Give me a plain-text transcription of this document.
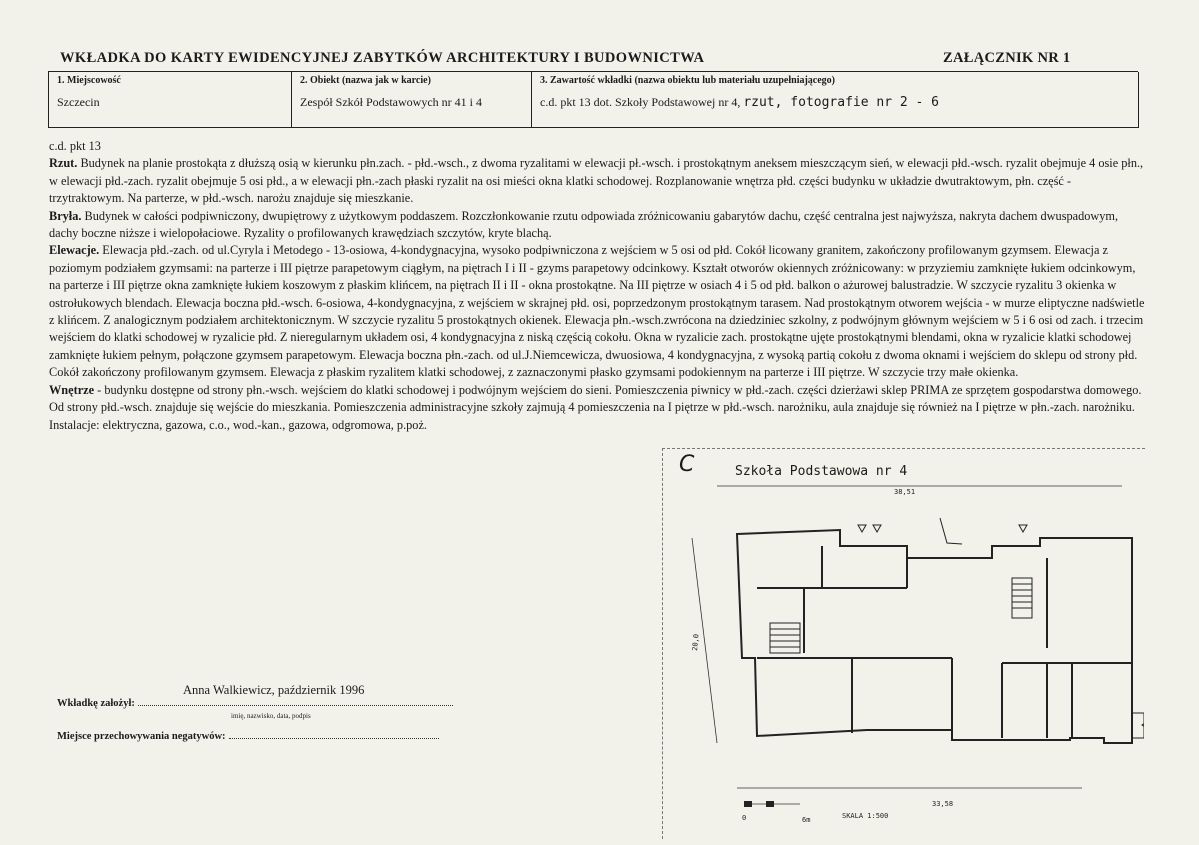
WKŁADKA DO KARTY EWIDENCYJNEJ ZABYTKÓW ARCHITEKTURY I BUDOWNICTWA	ZAŁĄCZNIK NR 1
1. Miejscowość
Szczecin
2. Obiekt (nazwa jak w karcie)
Zespół Szkół Podstawowych nr 41 i 4
3. Zawartość wkładki (nazwa obiektu lub materiału uzupełniającego)
c.d. pkt 13 dot. Szkoły Podstawowej nr 4, rzut, fotografie nr 2 - 6

c.d. pkt 13

Rzut. Budynek na planie prostokąta z dłuższą osią w kierunku płn.zach. - płd.-wsch., z dwoma ryzalitami w elewacji pł.-wsch. i prostokątnym aneksem mieszczącym sień, w elewacji płd.-wsch. ryzalit obejmuje 4 osie płn., w elewacji płd.-zach. ryzalit obejmuje 5 osi płd., a w elewacji płn.-zach płaski ryzalit na osi mieści okna klatki schodowej. Rozplanowanie wnętrza płd. części budynku w układzie dwutraktowym, płn. część - trzytraktowym. Na parterze, w płd.-wsch. narożu znajduje się mieszkanie.

Bryła. Budynek w całości podpiwniczony, dwupiętrowy z użytkowym poddaszem. Rozczłonkowanie rzutu odpowiada zróżnicowaniu gabarytów dachu, część centralna jest najwyższa, nakryta dachem dwuspadowym, dachy boczne niższe i wielopołaciowe. Ryzality o profilowanych krawędziach szczytów, kryte blachą.

Elewacje. Elewacja płd.-zach. od ul.Cyryla i Metodego - 13-osiowa, 4-kondygnacyjna, wysoko podpiwniczona z wejściem w 5 osi od płd. Cokół licowany granitem, zakończony profilowanym gzymsem. Elewacja z poziomym podziałem gzymsami: na parterze i III piętrze parapetowym ciągłym, na piętrach I i II - gzyms parapetowy odcinkowy. Kształt otworów okiennych zróżnicowany: w przyziemiu zamknięte łukiem odcinkowym, na parterze i III piętrze okna zamknięte łukiem koszowym z płaskim klińcem, na piętrach II i II - okna prostokątne. Na III piętrze w osiach 4 i 5 od płd. balkon o ażurowej balustradzie. W szczycie ryzalitu 3 okienka w ostrołukowych blendach. Elewacja boczna płd.-wsch. 6-osiowa, 4-kondygnacyjna, z wejściem w skrajnej płd. osi, poprzedzonym prostokątnym tarasem. Nad prostokątnym otworem wejścia - w murze eliptyczne nadświetle z klińcem. Z analogicznym podziałem architektonicznym. W szczycie ryzalitu 5 prostokątnych okienek. Elewacja płn.-wsch.zwrócona na dziedziniec szkolny, z podwójnym głównym wejściem w 5 i 6 osi od zach. i trzecim wejściem do klatki schodowej w ryzalicie płd. Z nieregularnym układem osi, 4 kondygnacyjna z niską częścią cokołu. Okna w ryzalicie zach. prostokątne ujęte prostokątnymi blendami, okna w ryzalicie klatki schodowej zamknięte łukiem pełnym, połączone gzymsem parapetowym. Elewacja boczna płn.-zach. od ul.J.Niemcewicza, dwuosiowa, 4 kondygnacyjna, z wysoką partią cokołu z dwoma oknami i wejściem do sklepu od strony płd. Cokół zakończony profilowanym gzymsem. Elewacja z płaskim ryzalitem klatki schodowej, z zaznaczonymi płasko gzymsami podokiennym na parterze i III piętrze. W szczycie trzy małe okienka.

Wnętrze - budynku dostępne od strony płn.-wsch. wejściem do klatki schodowej i podwójnym wejściem do sieni. Pomieszczenia piwnicy w płd.-zach. części dzierżawi sklep PRIMA ze sprzętem gospodarstwa domowego. Od strony płd.-wsch. znajduje się wejście do mieszkania. Pomieszczenia administracyjne szkoły zajmują 4 pomieszczenia na I piętrze w płd.-wsch. narożniku, aula znajduje się również na I piętrze w płn.-zach. narożniku. Instalacje: elektryczna, gazowa, c.o., wod.-kan., gazowa, odgromowa, p.poż.

Anna Walkiewicz, październik 1996
Wkładkę założył:
imię, nazwisko, data, podpis
Miejsce przechowywania negatywów:
C	Szkoła Podstawowa nr 4
38,51
20,0
33,58
0	6m	SKALA 1:500
